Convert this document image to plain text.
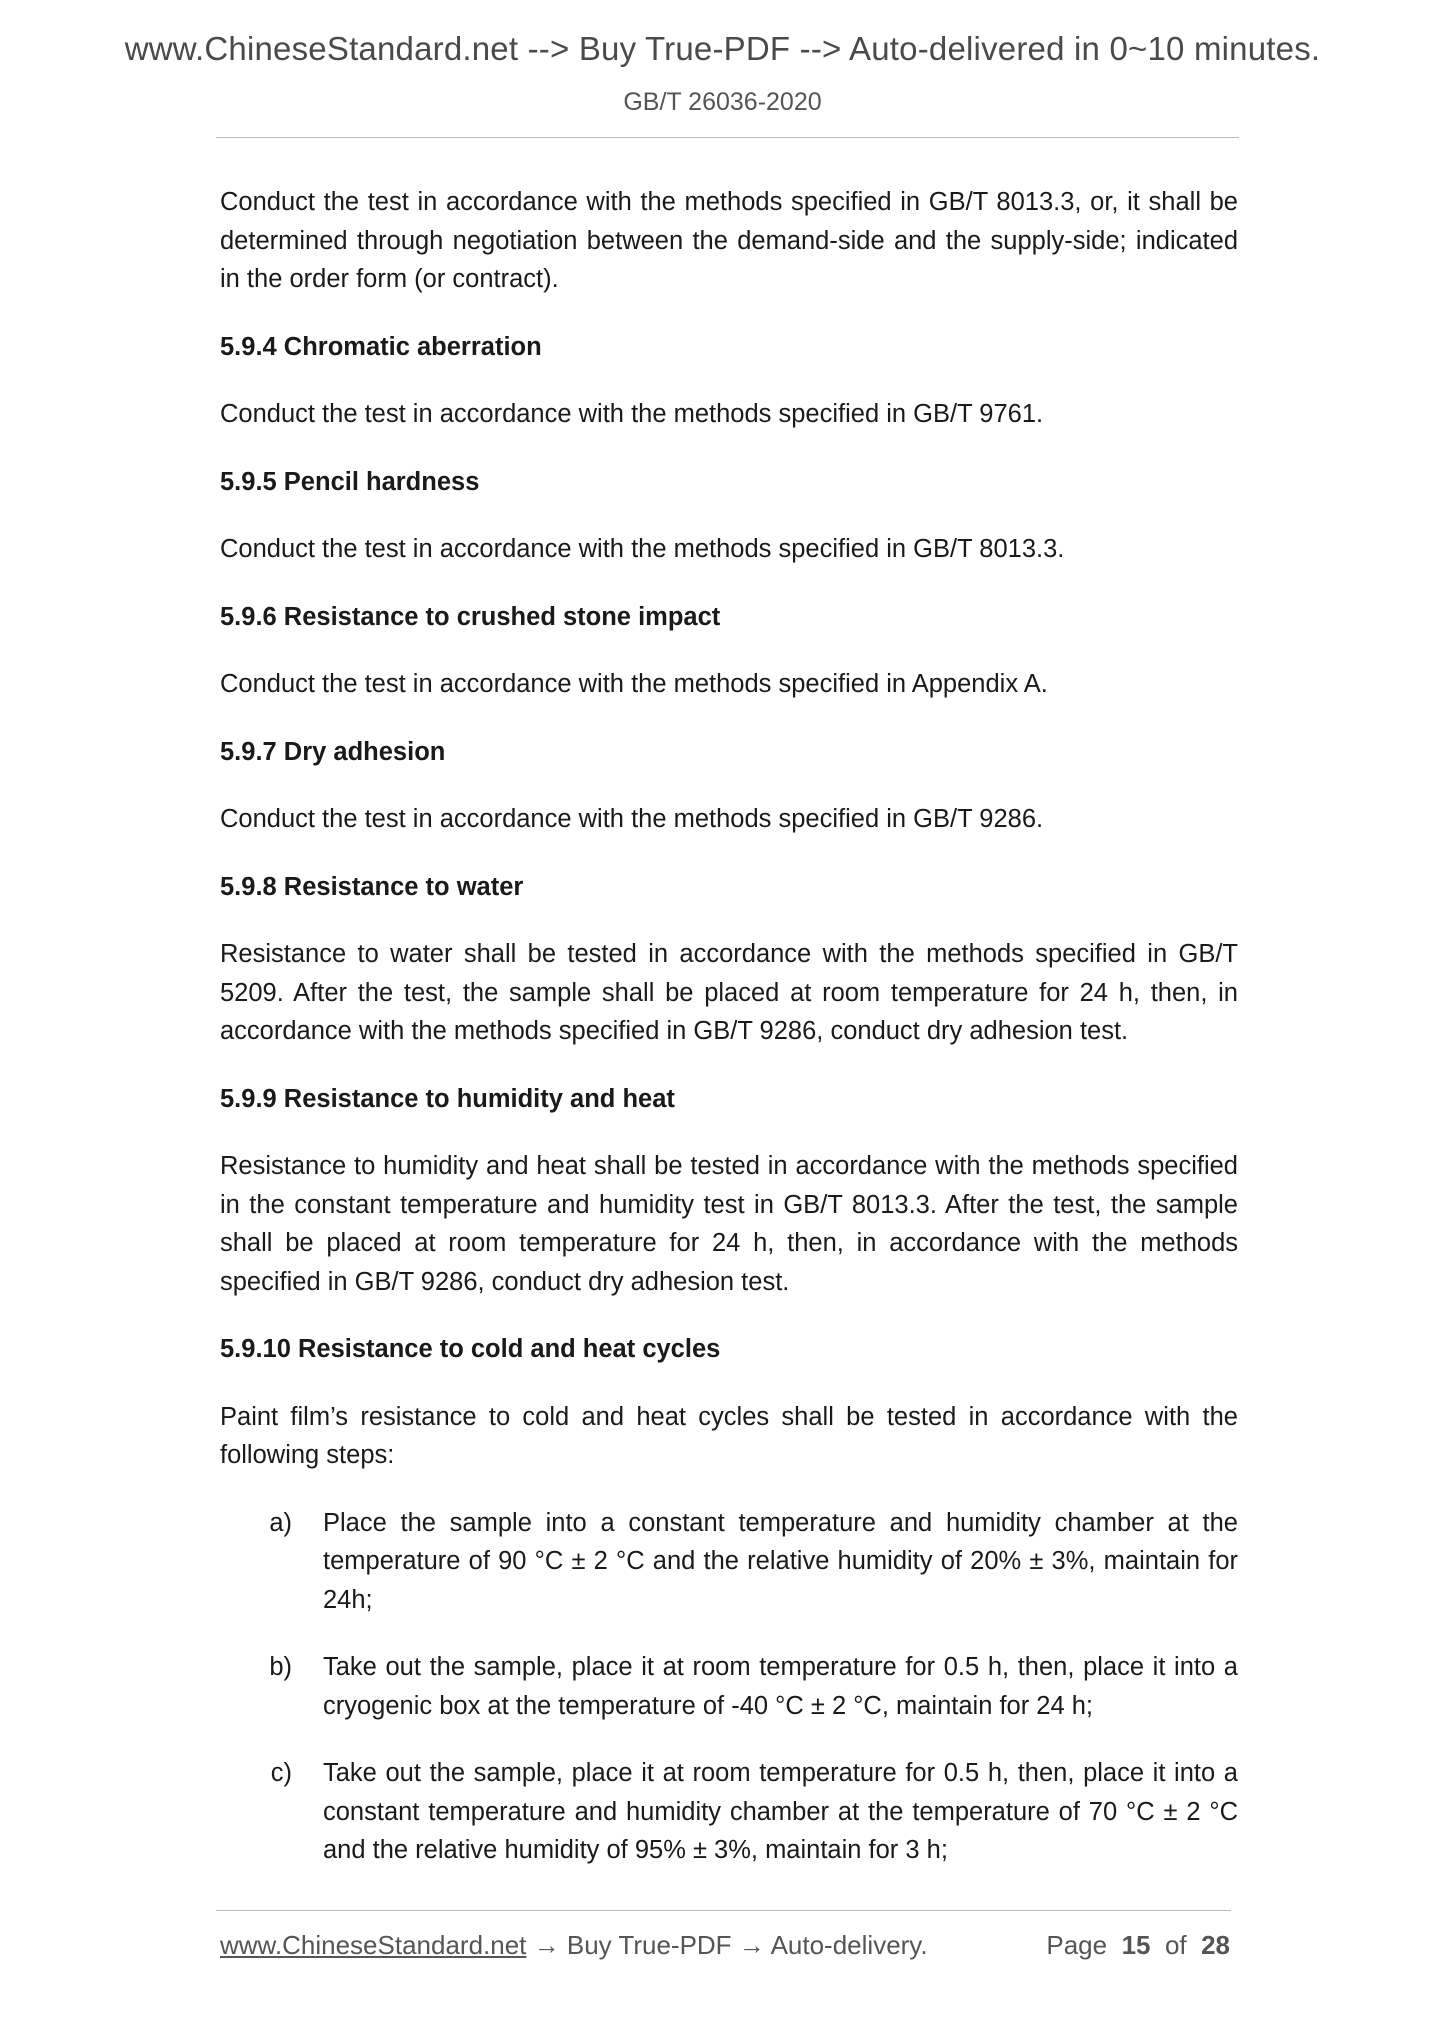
www.ChineseStandard.net --> Buy True-PDF --> Auto-delivered in 0~10 minutes.
GB/T 26036-2020

Conduct the test in accordance with the methods specified in GB/T 8013.3, or, it shall be determined through negotiation between the demand-side and the supply-side; indicated in the order form (or contract).

5.9.4 Chromatic aberration

Conduct the test in accordance with the methods specified in GB/T 9761.

5.9.5 Pencil hardness

Conduct the test in accordance with the methods specified in GB/T 8013.3.

5.9.6 Resistance to crushed stone impact

Conduct the test in accordance with the methods specified in Appendix A.

5.9.7 Dry adhesion

Conduct the test in accordance with the methods specified in GB/T 9286.

5.9.8 Resistance to water

Resistance to water shall be tested in accordance with the methods specified in GB/T 5209. After the test, the sample shall be placed at room temperature for 24 h, then, in accordance with the methods specified in GB/T 9286, conduct dry adhesion test.

5.9.9 Resistance to humidity and heat

Resistance to humidity and heat shall be tested in accordance with the methods specified in the constant temperature and humidity test in GB/T 8013.3. After the test, the sample shall be placed at room temperature for 24 h, then, in accordance with the methods specified in GB/T 9286, conduct dry adhesion test.

5.9.10 Resistance to cold and heat cycles

Paint film’s resistance to cold and heat cycles shall be tested in accordance with the following steps:

a)	Place the sample into a constant temperature and humidity chamber at the temperature of 90 °C ± 2 °C and the relative humidity of 20% ± 3%, maintain for 24h;
b)	Take out the sample, place it at room temperature for 0.5 h, then, place it into a cryogenic box at the temperature of -40 °C ± 2 °C, maintain for 24 h;
c)	Take out the sample, place it at room temperature for 0.5 h, then, place it into a constant temperature and humidity chamber at the temperature of 70 °C ± 2 °C and the relative humidity of 95% ± 3%, maintain for 3 h;
www.ChineseStandard.net → Buy True-PDF → Auto-delivery.	Page 15 of 28
